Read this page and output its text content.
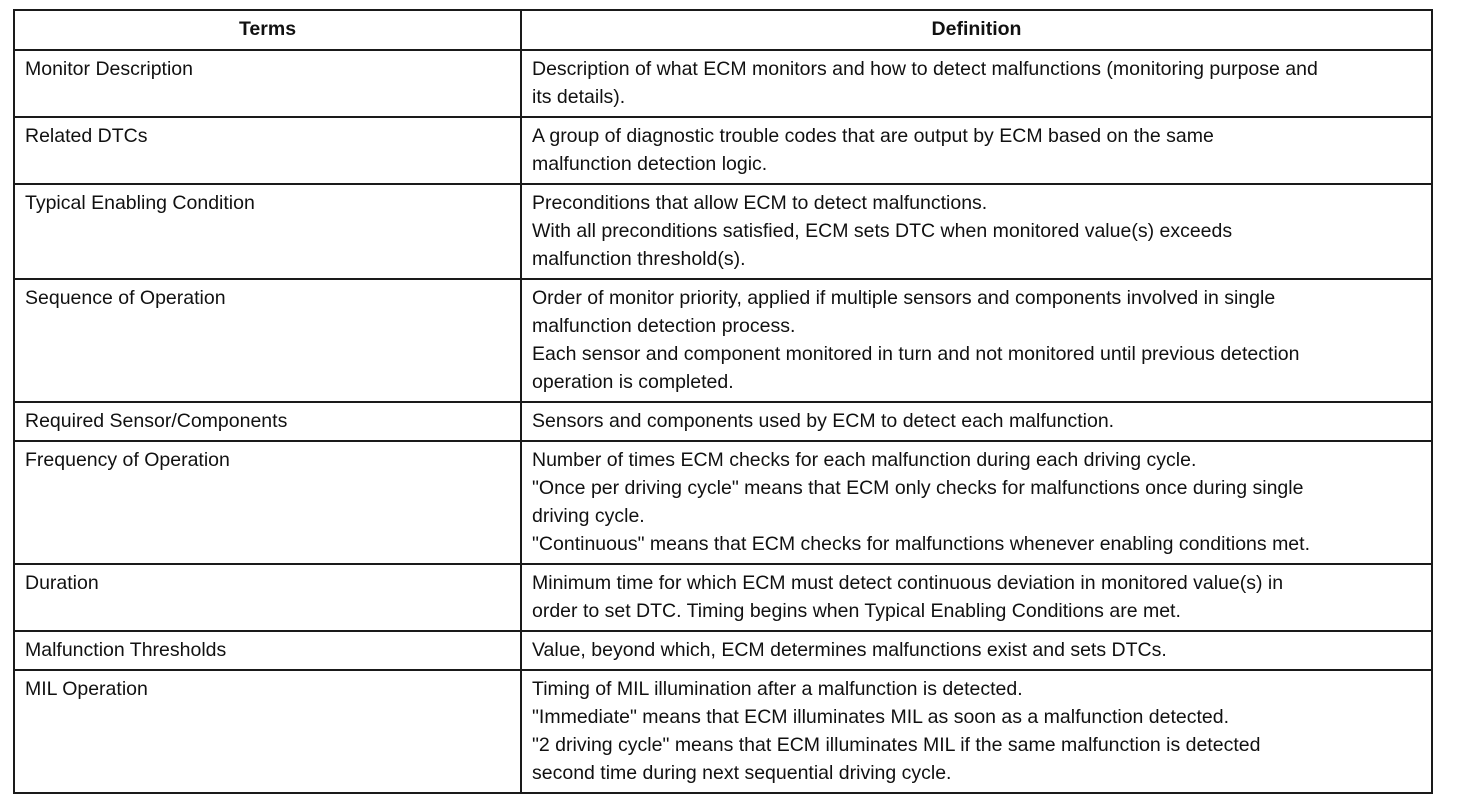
Terms	Definition
Monitor Description	Description of what ECM monitors and how to detect malfunctions (monitoring purpose and
its details).

Related DTCs	A group of diagnostic trouble codes that are output by ECM based on the same
malfunction detection logic.

Typical Enabling Condition	Preconditions that allow ECM to detect malfunctions.
With all preconditions satisfied, ECM sets DTC when monitored value(s) exceeds
malfunction threshold(s).

Sequence of Operation	Order of monitor priority, applied if multiple sensors and components involved in single
malfunction detection process.
Each sensor and component monitored in turn and not monitored until previous detection
operation is completed.

Required Sensor/Components	Sensors and components used by ECM to detect each malfunction.

Frequency of Operation	Number of times ECM checks for each malfunction during each driving cycle.
"Once per driving cycle" means that ECM only checks for malfunctions once during single
driving cycle.
"Continuous" means that ECM checks for malfunctions whenever enabling conditions met.

Duration	Minimum time for which ECM must detect continuous deviation in monitored value(s) in
order to set DTC. Timing begins when Typical Enabling Conditions are met.

Malfunction Thresholds	Value, beyond which, ECM determines malfunctions exist and sets DTCs.

MIL Operation	Timing of MIL illumination after a malfunction is detected.
"Immediate" means that ECM illuminates MIL as soon as a malfunction detected.
"2 driving cycle" means that ECM illuminates MIL if the same malfunction is detected
second time during next sequential driving cycle.
